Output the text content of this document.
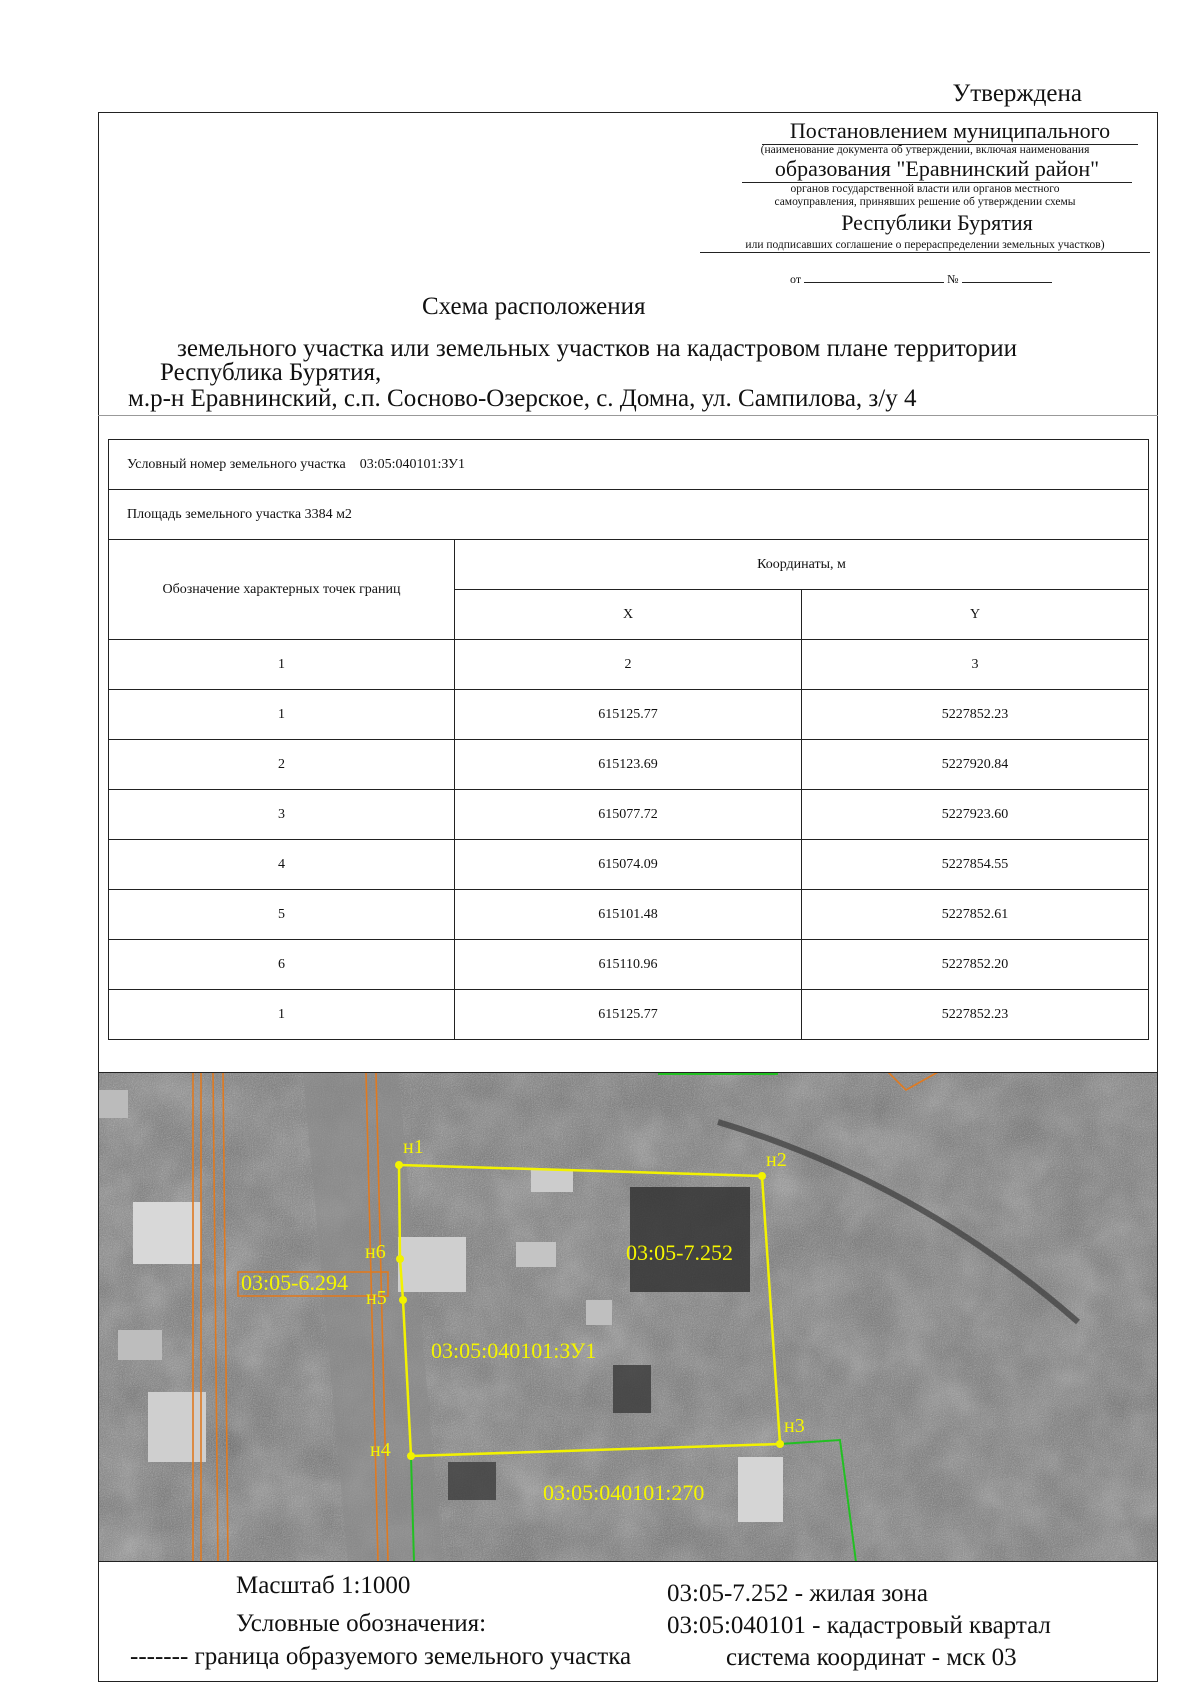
Утверждена
Постановлением муниципального
(наименование документа об утверждении, включая наименования
образования "Еравнинский район"
органов государственной власти или органов местного
самоуправления, принявших решение об утверждении схемы
Республики Бурятия
или подписавших соглашение о перераспределении земельных участков)
от	№
Схема расположения
земельного участка или земельных участков на кадастровом плане территории
Республика Бурятия,
м.р-н Еравнинский, с.п. Сосново-Озерское, с. Домна, ул. Сампилова, з/у 4
Условный номер земельного участка 03:05:040101:ЗУ1		
Площадь земельного участка 3384 м2		
Обозначение характерных точек границ	Координаты, м	
	X	Y
1	2	3
1	615125.77	5227852.23
2	615123.69	5227920.84
3	615077.72	5227923.60
4	615074.09	5227854.55
5	615101.48	5227852.61
6	615110.96	5227852.20
1	615125.77	5227852.23
н1
н2
н3
н4
н5
н6	03:05-7.252
03:05-6.294
03:05:040101:ЗУ1
03:05:040101:270
Масштаб 1:1000
Условные обозначения:
------- граница образуемого земельного участка
03:05-7.252 - жилая зона
03:05:040101 - кадастровый квартал
система координат - мск 03
